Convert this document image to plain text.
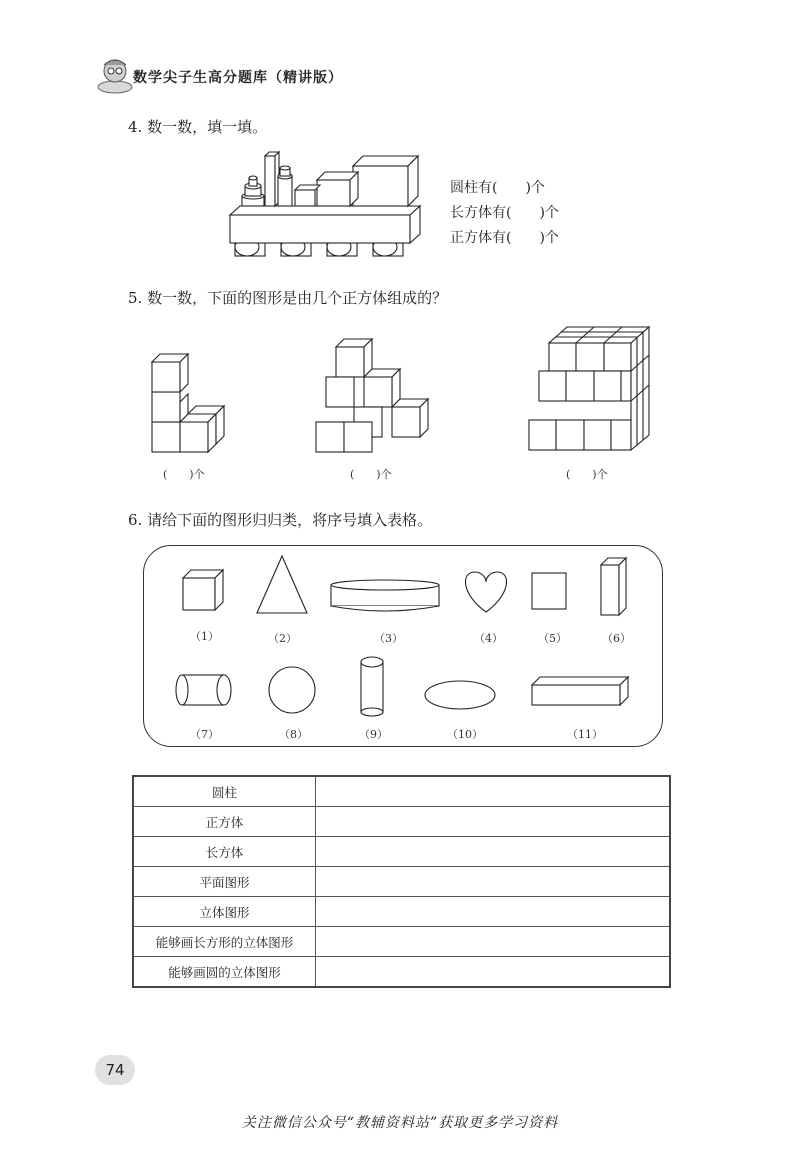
数学尖子生高分题库（精讲版）
4. 数一数，填一填。
圆柱有(　　)个
长方体有(　　)个
正方体有(　　)个
5. 数一数，下面的图形是由几个正方体组成的？
(　　)个	(　　)个	(　　)个
6. 请给下面的图形归归类，将序号填入表格。
（1）	（2）	（3）	（4）	（5）	（6）
（7）	（8）	（9）	（10）	（11）
圆柱	
正方体	
长方体	
平面图形	
立体图形	
能够画长方形的立体图形	
能够画圆的立体图形	
74
关注微信公众号“教辅资料站”获取更多学习资料
